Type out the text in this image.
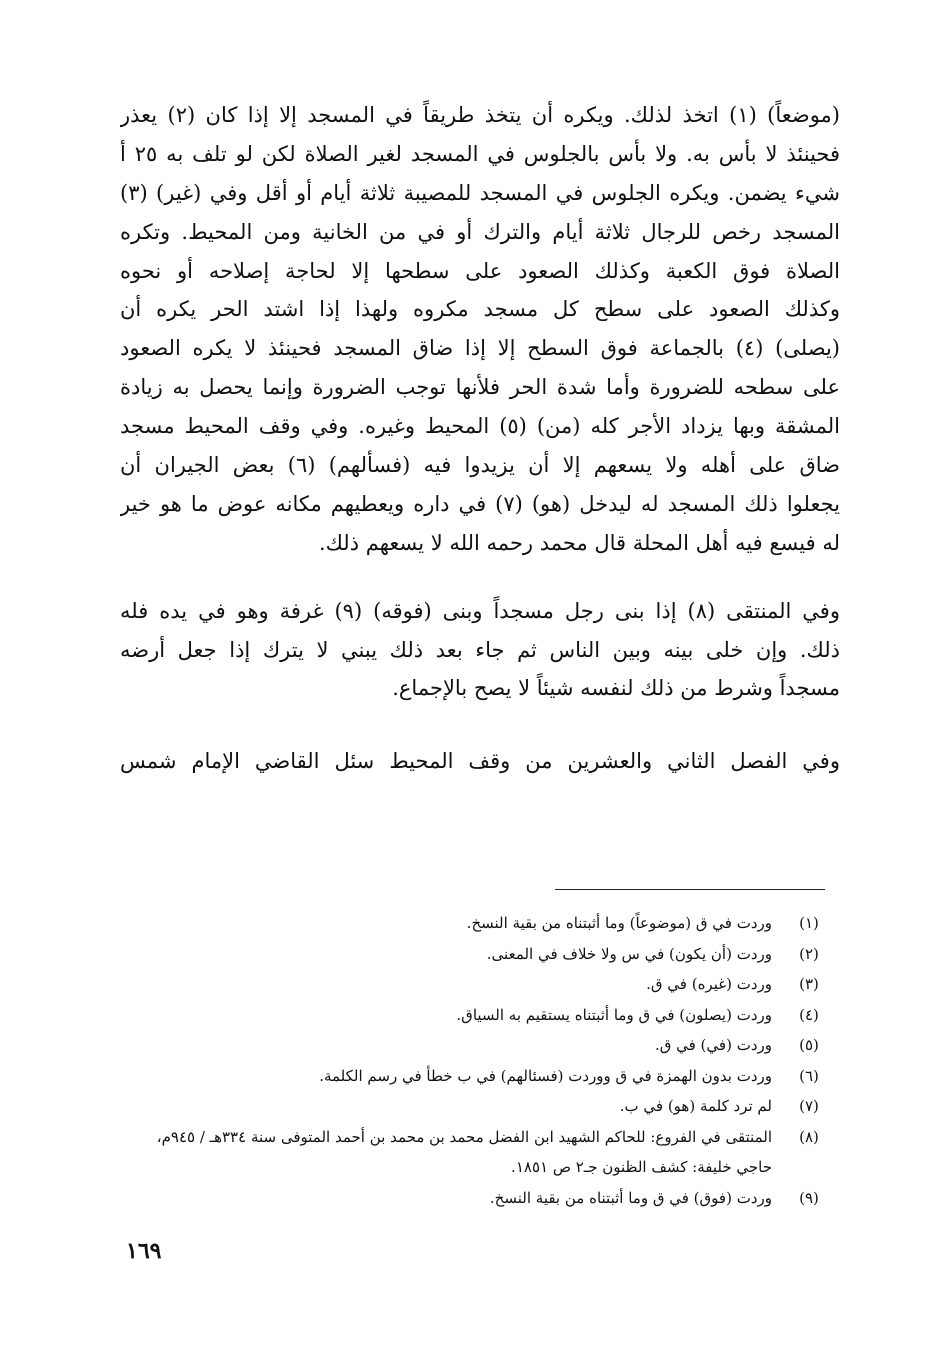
(موضعاً) (١) اتخذ لذلك. ويكره أن يتخذ طريقاً في المسجد إلا إذا كان (٢) يعذر
فحينئذ لا بأس به. ولا بأس بالجلوس في المسجد لغير الصلاة لكن لو تلف به ٢٥ أ
شيء يضمن. ويكره الجلوس في المسجد للمصيبة ثلاثة أيام أو أقل وفي (غير) (٣)
المسجد رخص للرجال ثلاثة أيام والترك أو في من الخانية ومن المحيط. وتكره
الصلاة فوق الكعبة وكذلك الصعود على سطحها إلا لحاجة إصلاحه أو نحوه
وكذلك الصعود على سطح كل مسجد مكروه ولهذا إذا اشتد الحر يكره أن
(يصلى) (٤) بالجماعة فوق السطح إلا إذا ضاق المسجد فحينئذ لا يكره الصعود
على سطحه للضرورة وأما شدة الحر فلأنها توجب الضرورة وإنما يحصل به زيادة
المشقة وبها يزداد الأجر كله (من) (٥) المحيط وغيره. وفي وقف المحيط مسجد
ضاق على أهله ولا يسعهم إلا أن يزيدوا فيه (فسألهم) (٦) بعض الجيران أن
يجعلوا ذلك المسجد له ليدخل (هو) (٧) في داره ويعطيهم مكانه عوض ما هو خير
له فيسع فيه أهل المحلة قال محمد رحمه الله لا يسعهم ذلك.
وفي المنتقى (٨) إذا بنى رجل مسجداً وبنى (فوقه) (٩) غرفة وهو في يده فله
ذلك. وإن خلى بينه وبين الناس ثم جاء بعد ذلك يبني لا يترك إذا جعل أرضه
مسجداً وشرط من ذلك لنفسه شيئاً لا يصح بالإجماع.
وفي الفصل الثاني والعشرين من وقف المحيط سئل القاضي الإمام شمس
(١)
وردت في ق (موضوعاً) وما أثبتناه من بقية النسخ.
(٢)
وردت (أن يكون) في س ولا خلاف في المعنى.
(٣)
وردت (غيره) في ق.
(٤)
وردت (يصلون) في ق وما أثبتناه يستقيم به السياق.
(٥)
وردت (في) في ق.
(٦)
وردت بدون الهمزة في ق ووردت (فسئالهم) في ب خطأ في رسم الكلمة.
(٧)
لم ترد كلمة (هو) في ب.
(٨)
المنتقى في الفروع: للحاكم الشهيد ابن الفضل محمد بن محمد بن أحمد المتوفى سنة ٣٣٤هـ / ٩٤٥م، حاجي خليفة: كشف الظنون جـ٢ ص ١٨٥١.
(٩)
وردت (فوق) في ق وما أثبتناه من بقية النسخ.
١٦٩
